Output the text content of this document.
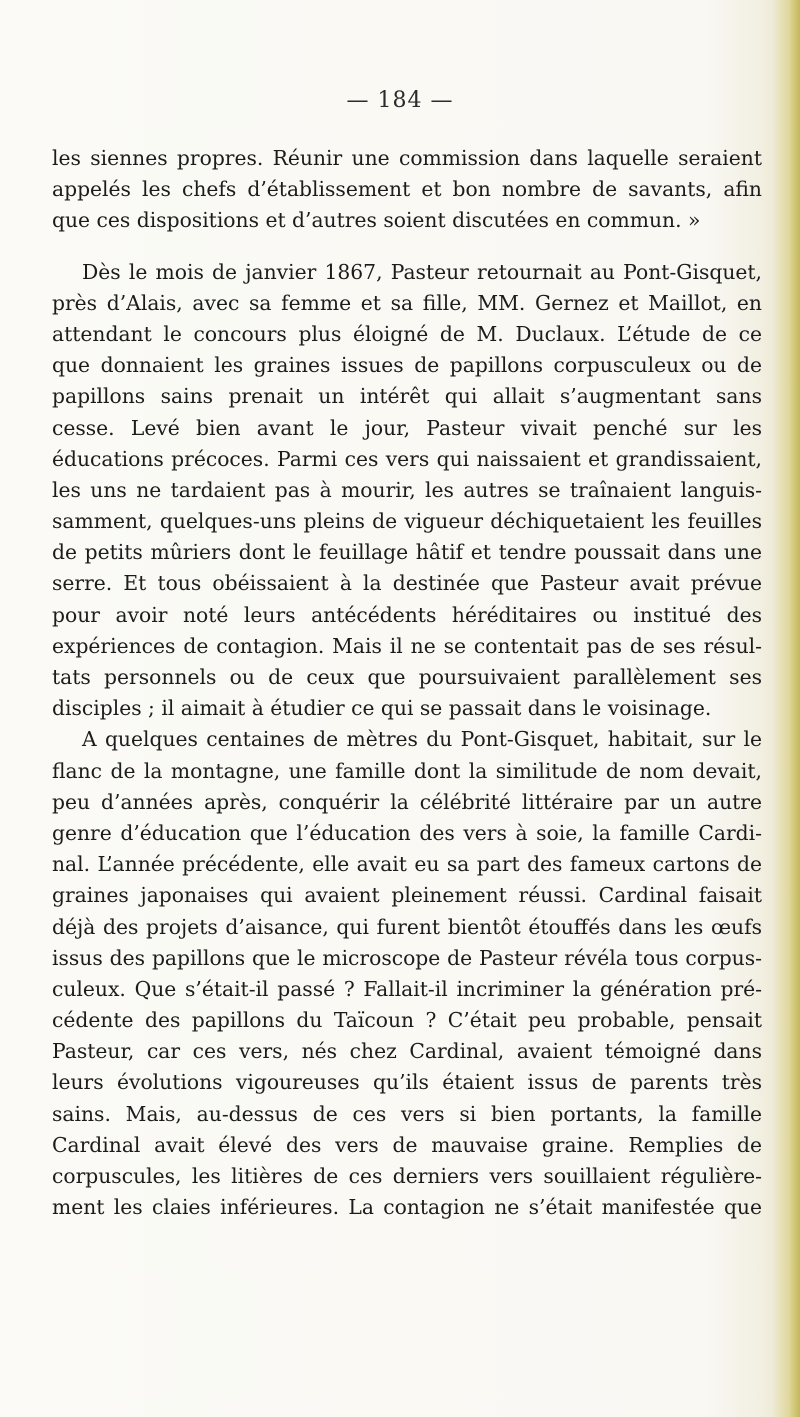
— 184 —
les siennes propres. Réunir une commission dans laquelle seraient
appelés les chefs d’établissement et bon nombre de savants, afin
que ces dispositions et d’autres soient discutées en commun. »
Dès le mois de janvier 1867, Pasteur retournait au Pont-Gisquet,
près d’Alais, avec sa femme et sa fille, MM. Gernez et Maillot, en
attendant le concours plus éloigné de M. Duclaux. L’étude de ce
que donnaient les graines issues de papillons corpusculeux ou de
papillons sains prenait un intérêt qui allait s’augmentant sans
cesse. Levé bien avant le jour, Pasteur vivait penché sur les
éducations précoces. Parmi ces vers qui naissaient et grandissaient,
les uns ne tardaient pas à mourir, les autres se traînaient languis-
samment, quelques-uns pleins de vigueur déchiquetaient les feuilles
de petits mûriers dont le feuillage hâtif et tendre poussait dans une
serre. Et tous obéissaient à la destinée que Pasteur avait prévue
pour avoir noté leurs antécédents héréditaires ou institué des
expériences de contagion. Mais il ne se contentait pas de ses résul-
tats personnels ou de ceux que poursuivaient parallèlement ses
disciples ; il aimait à étudier ce qui se passait dans le voisinage.
A quelques centaines de mètres du Pont-Gisquet, habitait, sur le
flanc de la montagne, une famille dont la similitude de nom devait,
peu d’années après, conquérir la célébrité littéraire par un autre
genre d’éducation que l’éducation des vers à soie, la famille Cardi-
nal. L’année précédente, elle avait eu sa part des fameux cartons de
graines japonaises qui avaient pleinement réussi. Cardinal faisait
déjà des projets d’aisance, qui furent bientôt étouffés dans les œufs
issus des papillons que le microscope de Pasteur révéla tous corpus-
culeux. Que s’était-il passé ? Fallait-il incriminer la génération pré-
cédente des papillons du Taïcoun ? C’était peu probable, pensait
Pasteur, car ces vers, nés chez Cardinal, avaient témoigné dans
leurs évolutions vigoureuses qu’ils étaient issus de parents très
sains. Mais, au-dessus de ces vers si bien portants, la famille
Cardinal avait élevé des vers de mauvaise graine. Remplies de
corpuscules, les litières de ces derniers vers souillaient régulière-
ment les claies inférieures. La contagion ne s’était manifestée que
